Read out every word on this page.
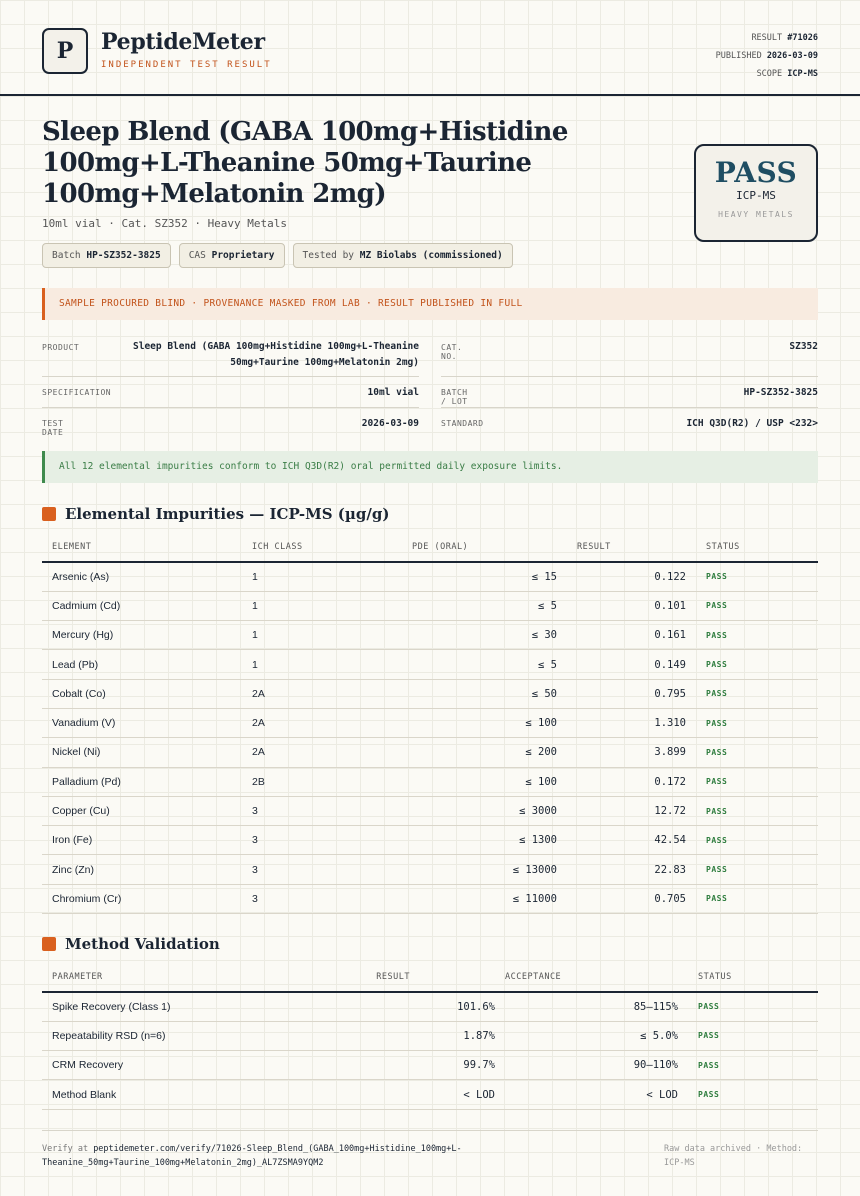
P	PeptideMeter
INDEPENDENT TEST RESULT
RESULT #71026
PUBLISHED 2026-03-09
SCOPE ICP-MS
Sleep Blend (GABA 100mg+Histidine 100mg+L-Theanine 50mg+Taurine 100mg+Melatonin 2mg)
10ml vial · Cat. SZ352 · Heavy Metals
Batch HP-SZ352-3825	CAS Proprietary	Tested by MZ Biolabs (commissioned)
PASS
ICP-MS
HEAVY METALS
SAMPLE PROCURED BLIND · PROVENANCE MASKED FROM LAB · RESULT PUBLISHED IN FULL
PRODUCT	Sleep Blend (GABA 100mg+Histidine 100mg+L-Theanine 50mg+Taurine 100mg+Melatonin 2mg)
SPECIFICATION	10ml vial
TEST DATE
2026-03-09
CAT. NO.
SZ352
BATCH / LOT
HP-SZ352-3825
STANDARD	ICH Q3D(R2) / USP <232>
All 12 elemental impurities conform to ICH Q3D(R2) oral permitted daily exposure limits.
Elemental Impurities — ICP-MS (µg/g)
ELEMENT	ICH CLASS	PDE (ORAL)	RESULT	STATUS
Arsenic (As)	1	≤ 15	0.122	PASS
Cadmium (Cd)	1	≤ 5	0.101	PASS
Mercury (Hg)	1	≤ 30	0.161	PASS
Lead (Pb)	1	≤ 5	0.149	PASS
Cobalt (Co)	2A	≤ 50	0.795	PASS
Vanadium (V)	2A	≤ 100	1.310	PASS
Nickel (Ni)	2A	≤ 200	3.899	PASS
Palladium (Pd)	2B	≤ 100	0.172	PASS
Copper (Cu)	3	≤ 3000	12.72	PASS
Iron (Fe)	3	≤ 1300	42.54	PASS
Zinc (Zn)	3	≤ 13000	22.83	PASS
Chromium (Cr)	3	≤ 11000	0.705	PASS
Method Validation
PARAMETER	RESULT	ACCEPTANCE	STATUS
Spike Recovery (Class 1)	101.6%	85–115%	PASS
Repeatability RSD (n=6)	1.87%	≤ 5.0%	PASS
CRM Recovery	99.7%	90–110%	PASS
Method Blank	< LOD	< LOD	PASS
Verify at peptidemeter.com/verify/71026-Sleep_Blend_(GABA_100mg+Histidine_100mg+L-Theanine_50mg+Taurine_100mg+Melatonin_2mg)_AL7ZSMA9YQM2
Raw data archived · Method: ICP-MS
